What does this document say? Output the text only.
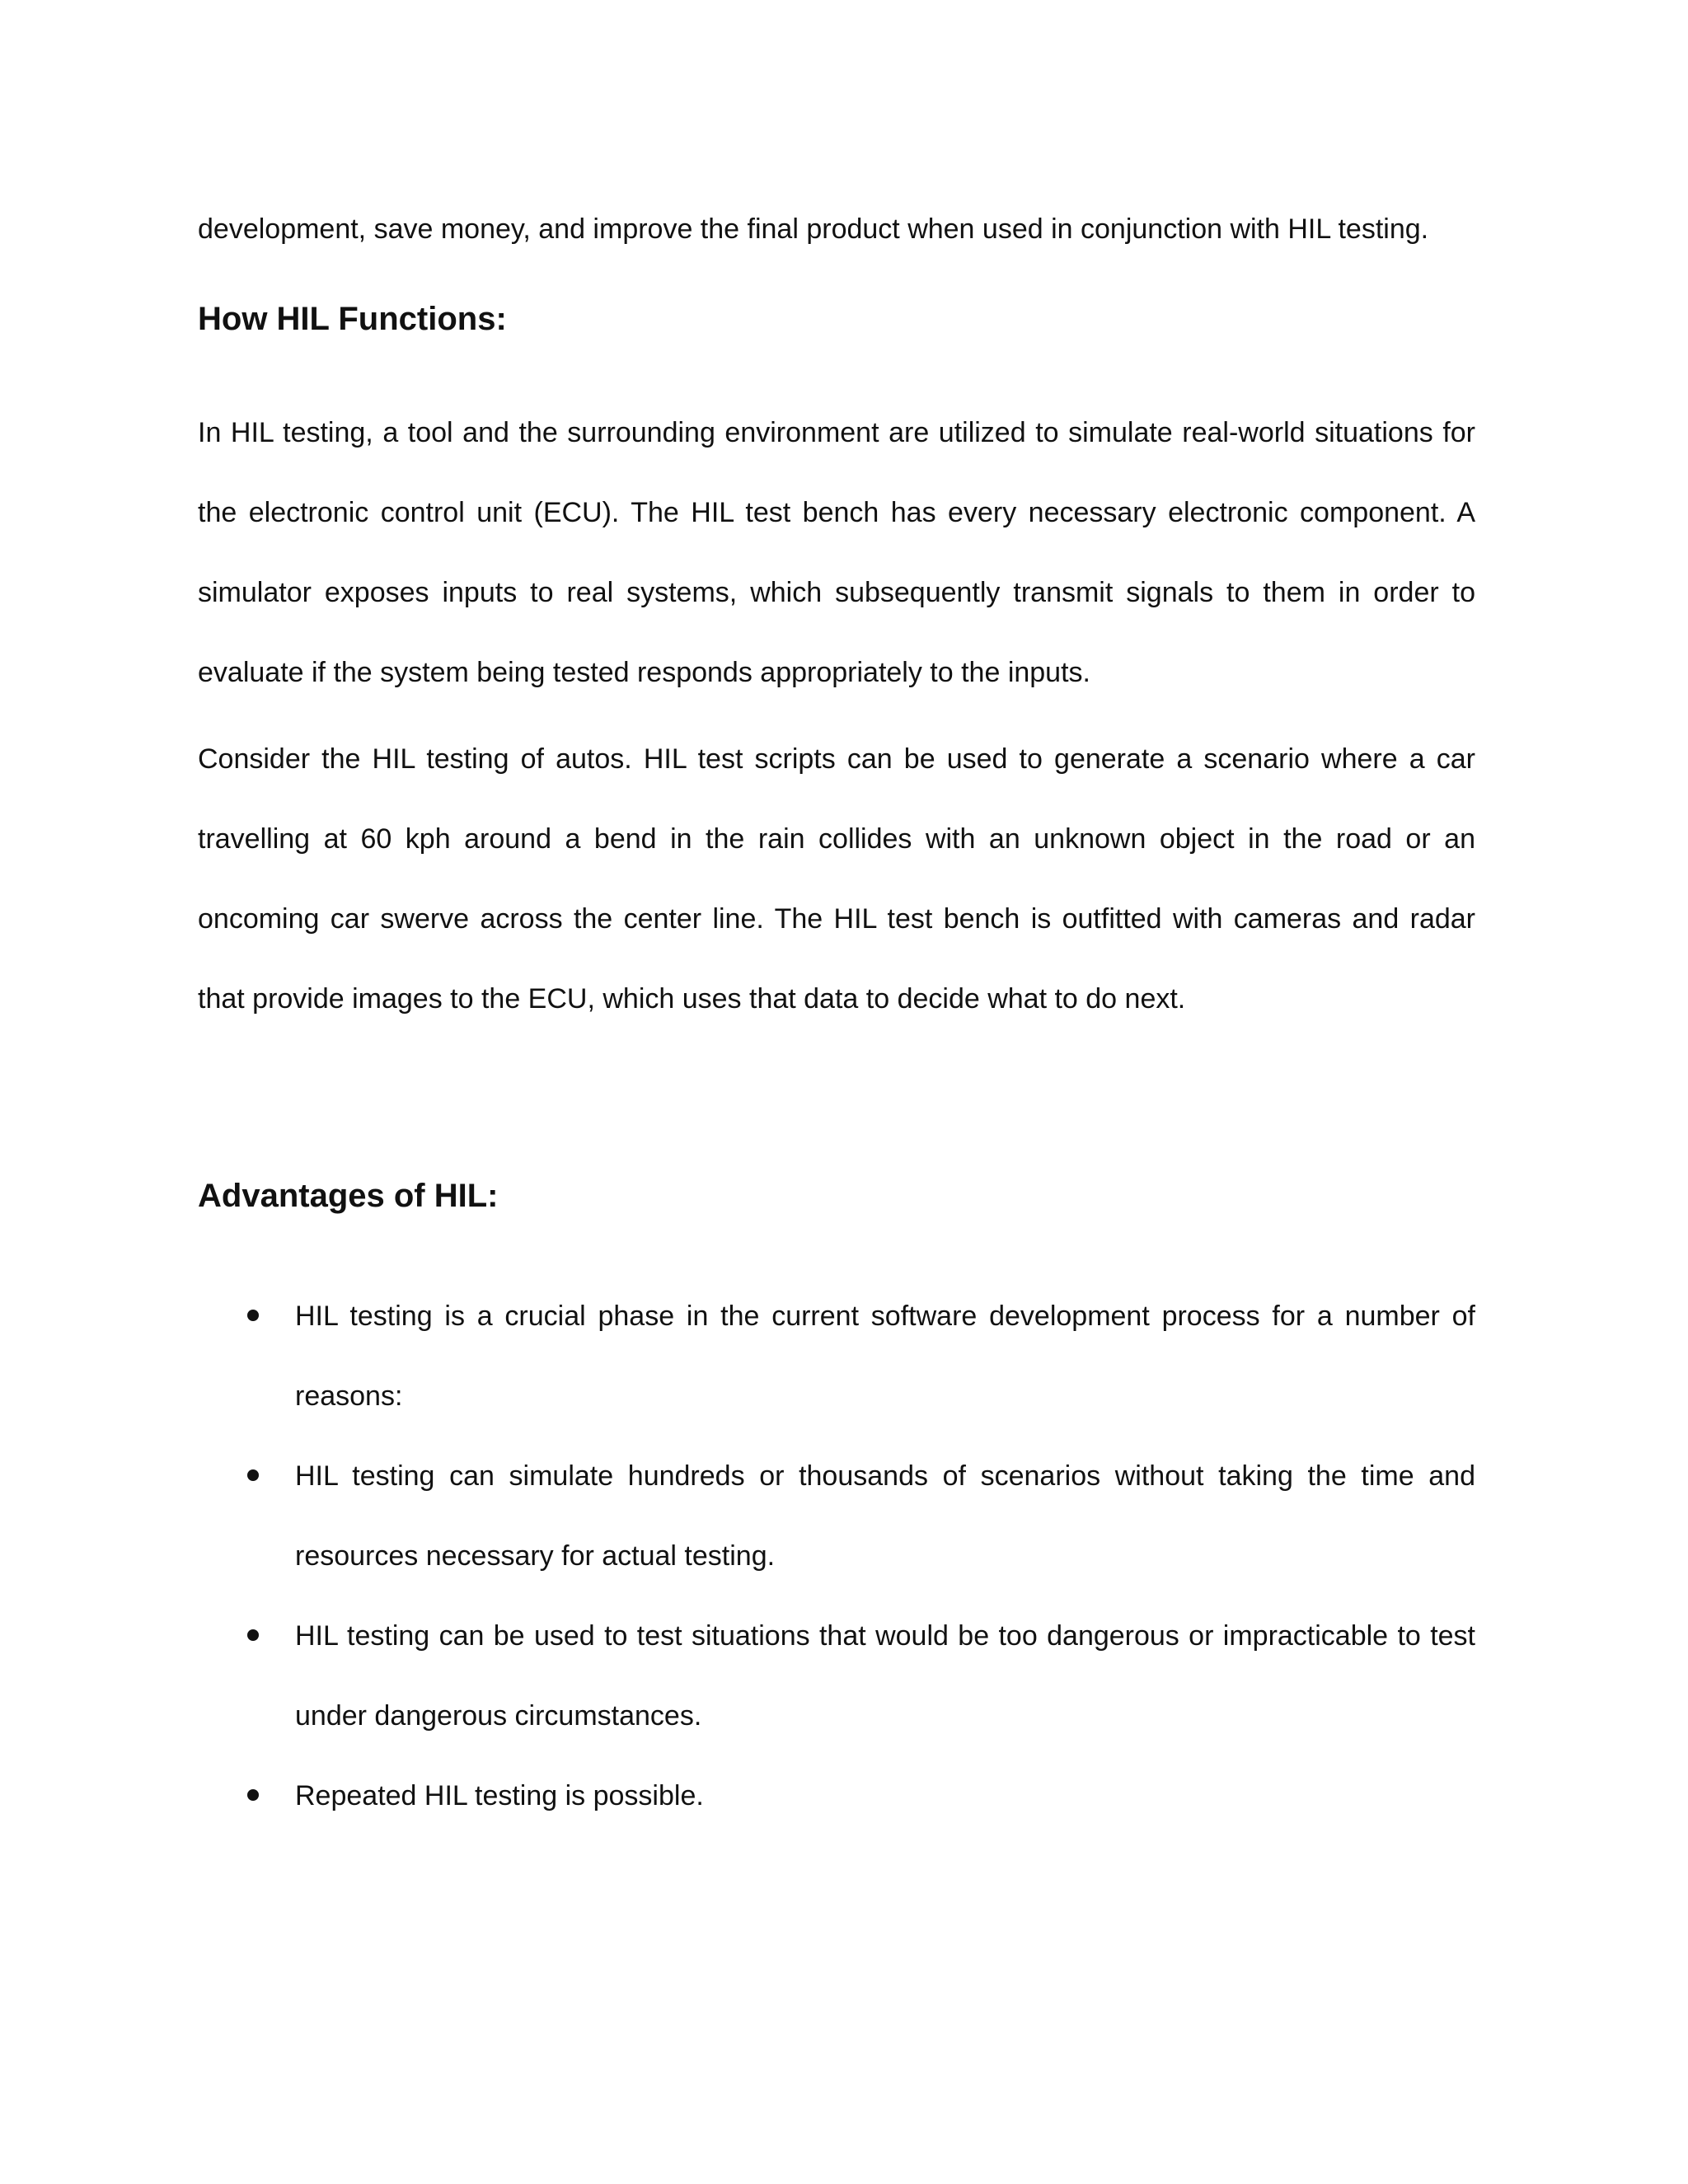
development, save money, and improve the final product when used in conjunction with HIL testing.

How HIL Functions:

In HIL testing, a tool and the surrounding environment are utilized to simulate real-world situations for the electronic control unit (ECU). The HIL test bench has every necessary electronic component. A simulator exposes inputs to real systems, which subsequently transmit signals to them in order to evaluate if the system being tested responds appropriately to the inputs.

Consider the HIL testing of autos. HIL test scripts can be used to generate a scenario where a car travelling at 60 kph around a bend in the rain collides with an unknown object in the road or an oncoming car swerve across the center line. The HIL test bench is outfitted with cameras and radar that provide images to the ECU, which uses that data to decide what to do next.

Advantages of HIL:
HIL testing is a crucial phase in the current software development process for a number of reasons:
HIL testing can simulate hundreds or thousands of scenarios without taking the time and resources necessary for actual testing.
HIL testing can be used to test situations that would be too dangerous or impracticable to test under dangerous circumstances.
Repeated HIL testing is possible.
